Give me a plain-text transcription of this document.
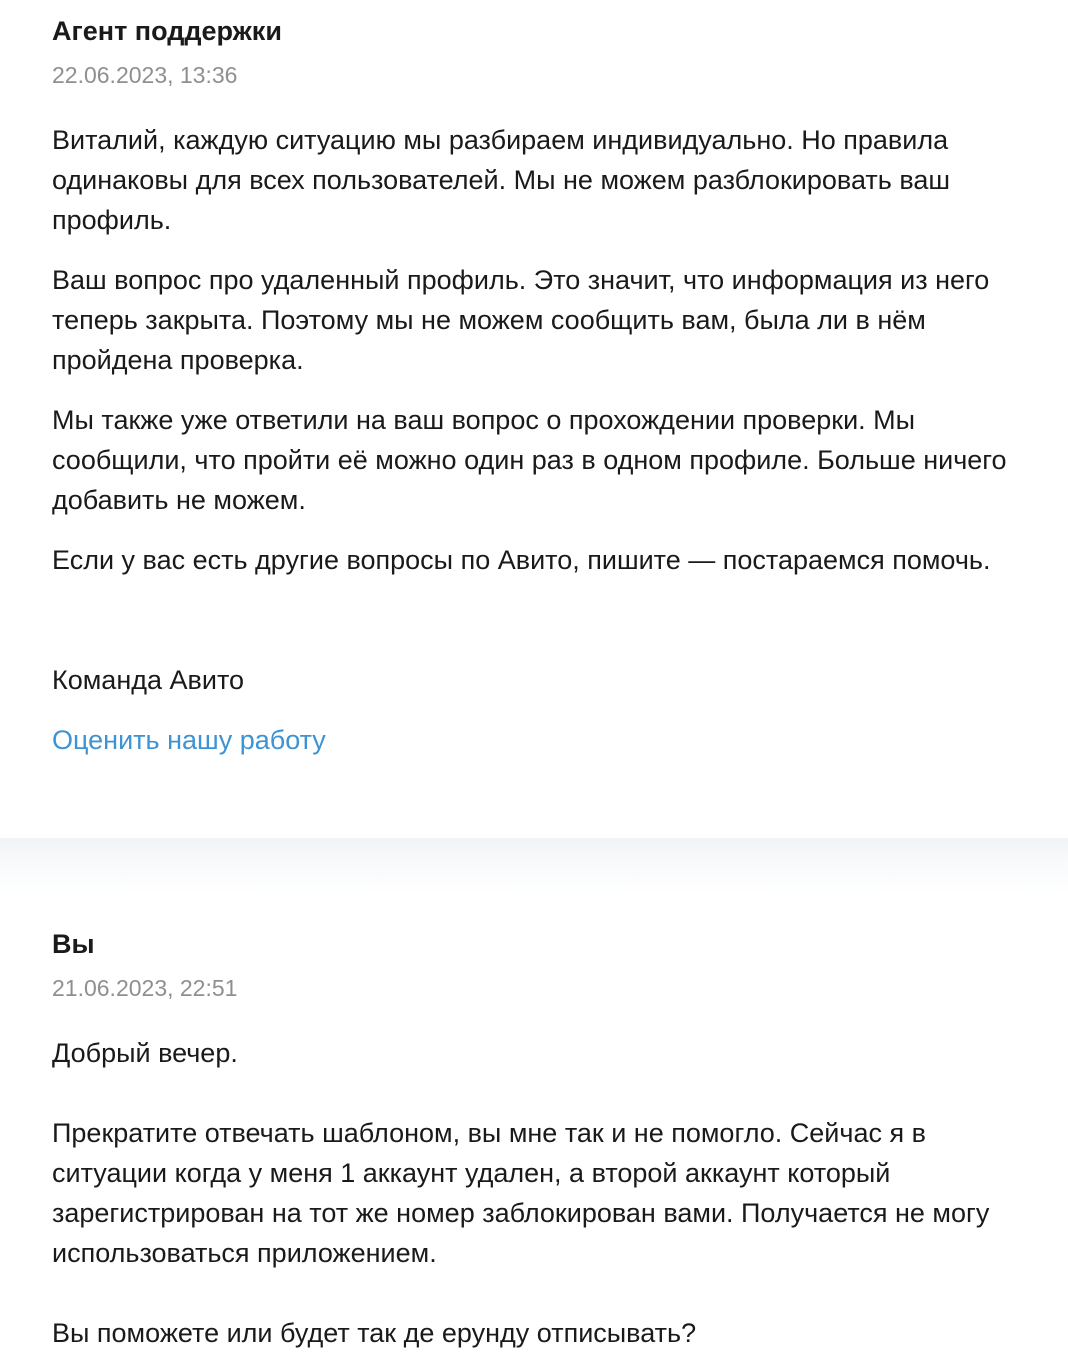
Агент поддержки
22.06.2023, 13:36

Виталий, каждую ситуацию мы разбираем индивидуально. Но правила одинаковы для всех пользователей. Мы не можем разблокировать ваш профиль.

Ваш вопрос про удаленный профиль. Это значит, что информация из него теперь закрыта. Поэтому мы не можем сообщить вам, была ли в нём пройдена проверка.

Мы также уже ответили на ваш вопрос о прохождении проверки. Мы сообщили, что пройти её можно один раз в одном профиле. Больше ничего добавить не можем.

Если у вас есть другие вопросы по Авито, пишите — постараемся помочь.

Команда Авито
Оценить нашу работу
Вы
21.06.2023, 22:51

Добрый вечер.

Прекратите отвечать шаблоном, вы мне так и не помогло. Сейчас я в ситуации когда у меня 1 аккаунт удален, а второй аккаунт который зарегистрирован на тот же номер заблокирован вами. Получается не могу использоваться приложением.

Вы поможете или будет так де ерунду отписывать?
